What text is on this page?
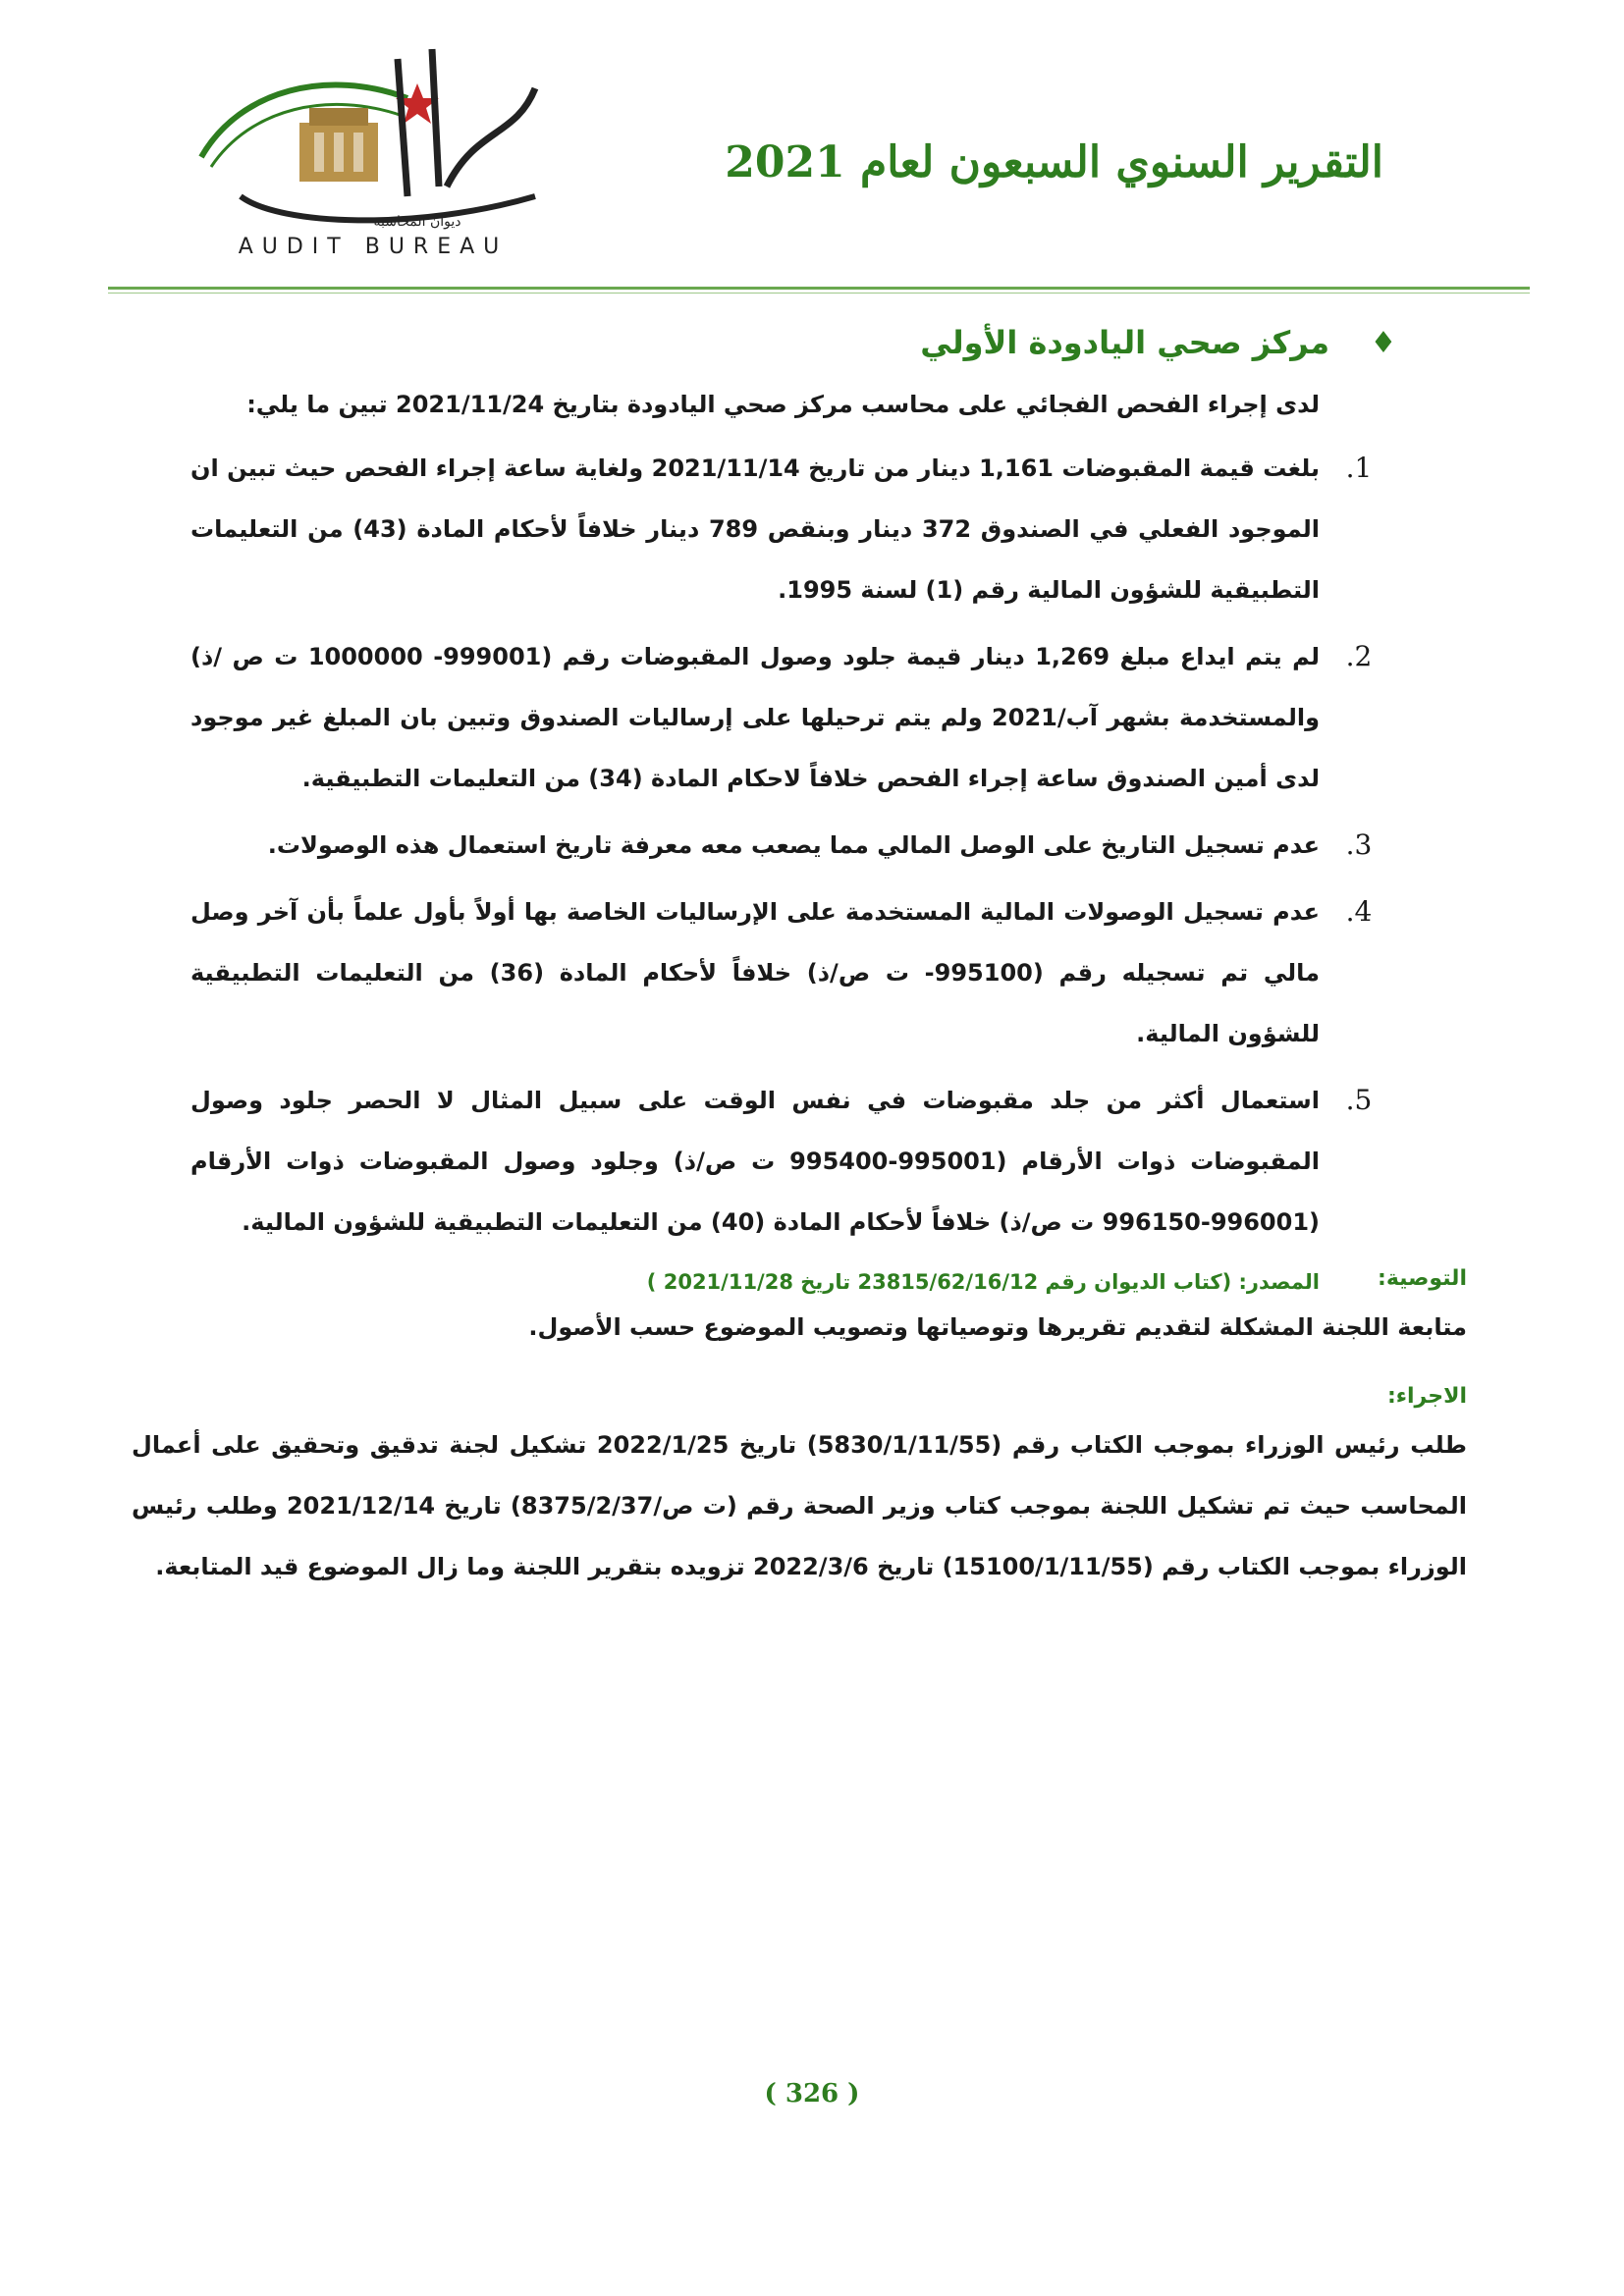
ديوان المحاسبة
AUDIT BUREAU
التقرير السنوي السبعون لعام 2021
♦
مركز صحي اليادودة الأولي
لدى إجراء الفحص الفجائي على محاسب مركز صحي اليادودة بتاريخ 2021/11/24 تبين ما يلي:
1.
بلغت قيمة المقبوضات 1,161 دينار من تاريخ 2021/11/14 ولغاية ساعة إجراء الفحص حيث تبين ان الموجود الفعلي في الصندوق 372 دينار وبنقص 789 دينار خلافاً لأحكام المادة (43) من التعليمات التطبيقية للشؤون المالية رقم (1) لسنة 1995.
2.
لم يتم ايداع مبلغ 1,269 دينار قيمة جلود وصول المقبوضات رقم (999001- 1000000 ت ص /ذ) والمستخدمة بشهر آب/2021 ولم يتم ترحيلها على إرساليات الصندوق وتبين بان المبلغ غير موجود لدى أمين الصندوق ساعة إجراء الفحص خلافاً لاحكام المادة (34) من التعليمات التطبيقية.
3.
عدم تسجيل التاريخ على الوصل المالي مما يصعب معه معرفة تاريخ استعمال هذه الوصولات.
4.
عدم تسجيل الوصولات المالية المستخدمة على الإرساليات الخاصة بها أولاً بأول علماً بأن آخر وصل مالي تم تسجيله رقم (995100- ت ص/ذ) خلافاً لأحكام المادة (36) من التعليمات التطبيقية للشؤون المالية.
5.
استعمال أكثر من جلد مقبوضات في نفس الوقت على سبيل المثال لا الحصر جلود وصول المقبوضات ذوات الأرقام (995001-995400 ت ص/ذ) وجلود وصول المقبوضات ذوات الأرقام (996001-996150 ت ص/ذ) خلافاً لأحكام المادة (40) من التعليمات التطبيقية للشؤون المالية.
المصدر: (كتاب الديوان رقم 23815/62/16/12 تاريخ 2021/11/28 )	التوصية:
متابعة اللجنة المشكلة لتقديم تقريرها وتوصياتها وتصويب الموضوع حسب الأصول.
الاجراء:
طلب رئيس الوزراء بموجب الكتاب رقم (5830/1/11/55) تاريخ 2022/1/25 تشكيل لجنة تدقيق وتحقيق على أعمال المحاسب حيث تم تشكيل اللجنة بموجب كتاب وزير الصحة رقم (ت ص/8375/2/37) تاريخ 2021/12/14 وطلب رئيس الوزراء بموجب الكتاب رقم (15100/1/11/55) تاريخ 2022/3/6 تزويده بتقرير اللجنة وما زال الموضوع قيد المتابعة.
( 326 )
